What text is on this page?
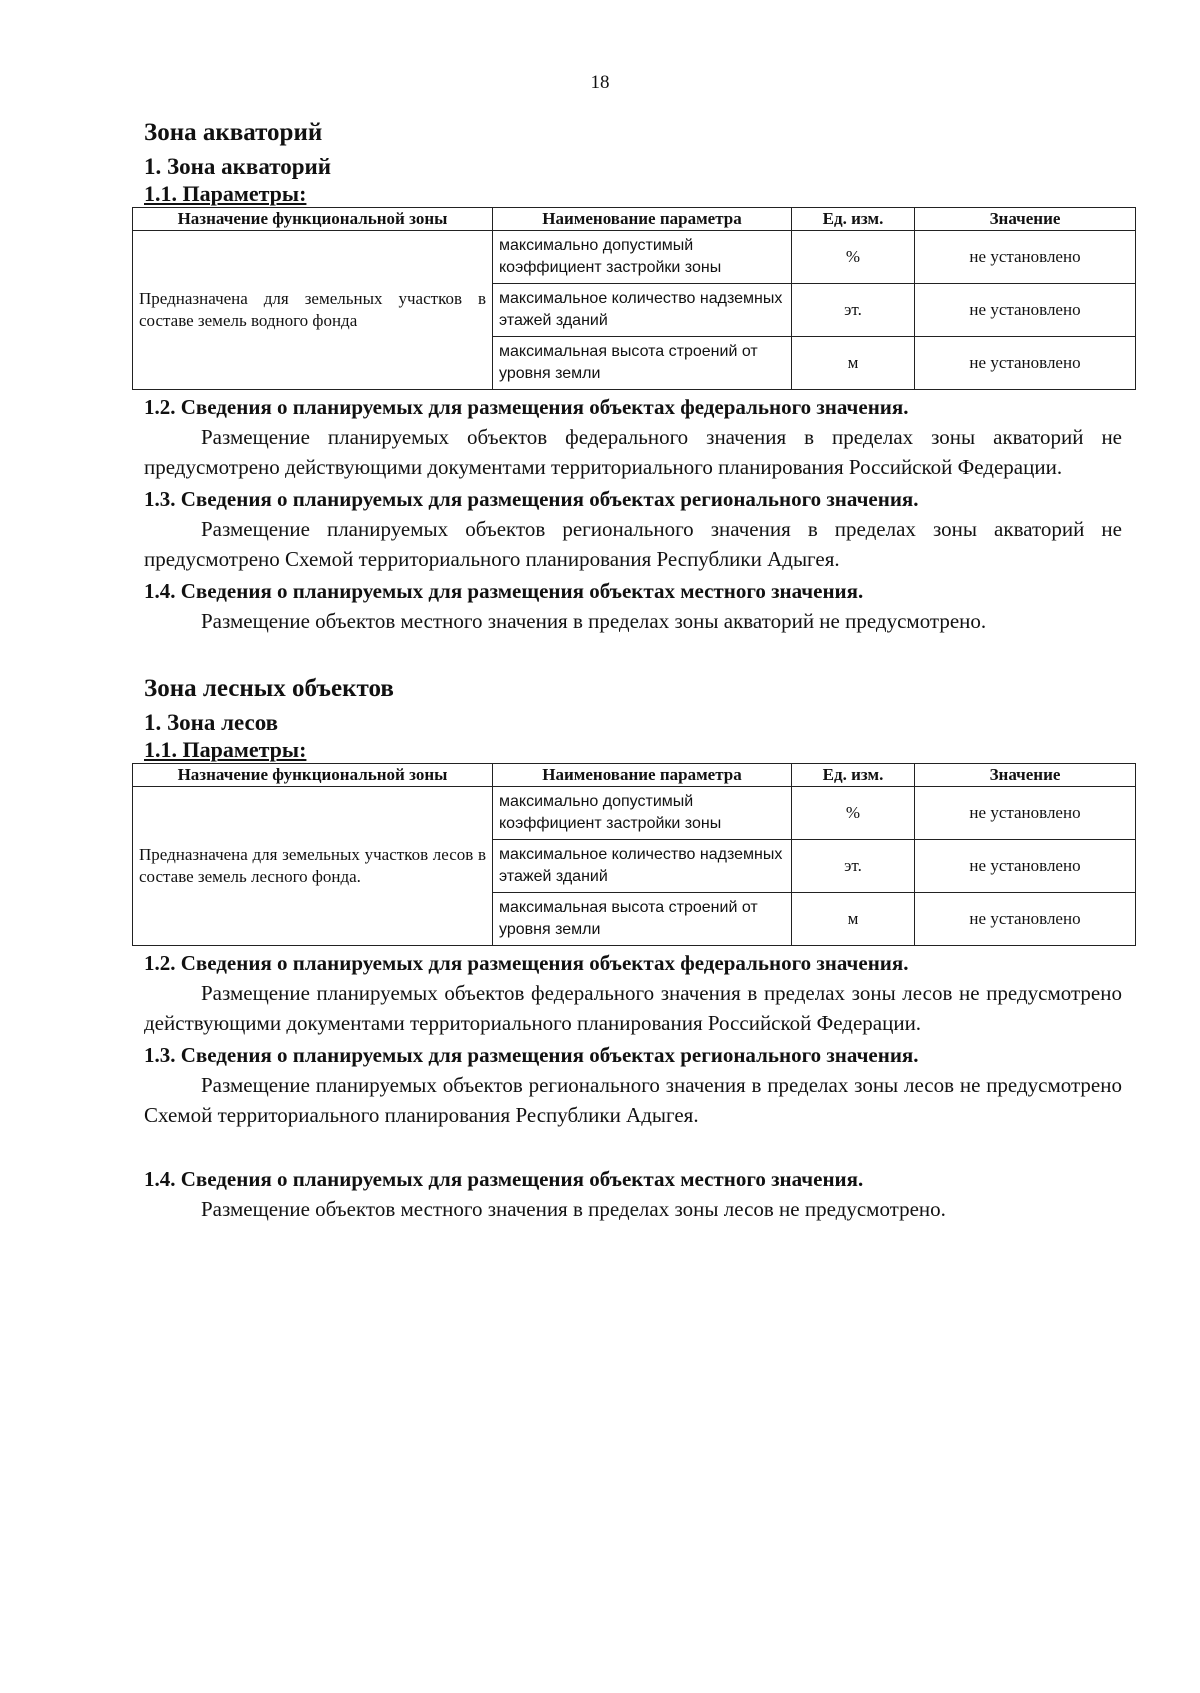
18
Зона акваторий
1. Зона акваторий
1.1. Параметры:
Назначение функциональной зоны	Наименование параметра	Ед. изм.	Значение
Предназначена для земельных участков в составе земель водного фонда	максимально допустимый коэффициент застройки зоны	%	не установлено
	максимальное количество надземных этажей зданий	эт.	не установлено
	максимальная высота строений от уровня земли	м	не установлено
1.2. Сведения о планируемых для размещения объектах федерального значения.

Размещение планируемых объектов федерального значения в пределах зоны акваторий не предусмотрено действующими документами территориального планирования Российской Федерации.

1.3. Сведения о планируемых для размещения объектах регионального значения.

Размещение планируемых объектов регионального значения в пределах зоны акваторий не предусмотрено Схемой территориального планирования Республики Адыгея.

1.4. Сведения о планируемых для размещения объектах местного значения.

Размещение объектов местного значения в пределах зоны акваторий не предусмотрено.

Зона лесных объектов
1. Зона лесов
1.1. Параметры:
Назначение функциональной зоны	Наименование параметра	Ед. изм.	Значение
Предназначена для земельных участков лесов в составе земель лесного фонда.	максимально допустимый коэффициент застройки зоны	%	не установлено
	максимальное количество надземных этажей зданий	эт.	не установлено
	максимальная высота строений от уровня земли	м	не установлено
1.2. Сведения о планируемых для размещения объектах федерального значения.

Размещение планируемых объектов федерального значения в пределах зоны лесов не предусмотрено действующими документами территориального планирования Российской Федерации.

1.3. Сведения о планируемых для размещения объектах регионального значения.

Размещение планируемых объектов регионального значения в пределах зоны лесов не предусмотрено Схемой территориального планирования Республики Адыгея.

1.4. Сведения о планируемых для размещения объектах местного значения.

Размещение объектов местного значения в пределах зоны лесов не предусмотрено.
